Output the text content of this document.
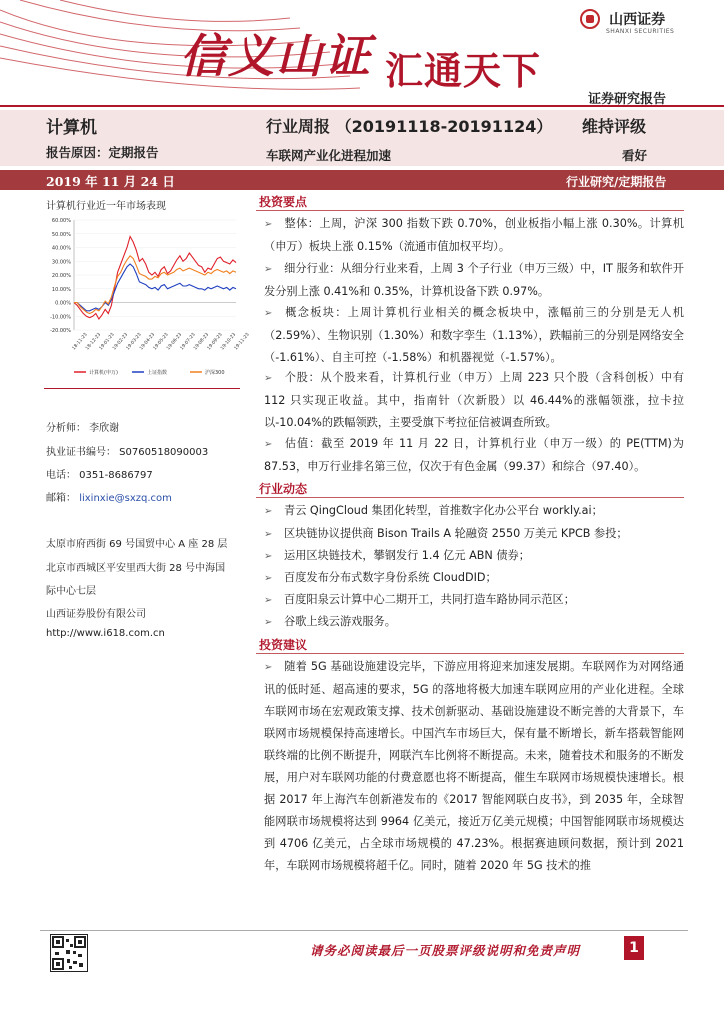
山西证券
SHANXI SECURITIES
信义山证 汇通天下
证券研究报告
计算机
报告原因：定期报告
行业周报 （20191118-20191124） 维持评级
车联网产业化进程加速	看好
2019 年 11 月 24 日	行业研究/定期报告
计算机行业近一年市场表现
60.00%
50.00%
40.00%
30.00%
20.00%
10.00%
0.00%
-10.00%
-20.00%
18-11-23
18-12-23
19-01-23
19-02-23
19-03-23
19-04-23
19-05-23
19-06-23
19-07-23
19-08-23
19-09-23
19-10-23
19-11-23
计算机(申万)	上证指数	沪深300
分析师： 李欣谢
执业证书编号： S0760518090003
电话： 0351-8686797
邮箱： lixinxie@sxzq.com
太原市府西街 69 号国贸中心 A 座 28 层
北京市西城区平安里西大街 28 号中海国
际中心七层
山西证券股份有限公司
http://www.i618.com.cn
投资要点
➢ 整体：上周，沪深 300 指数下跌 0.70%，创业板指小幅上涨 0.30%。计算机（申万）板块上涨 0.15%（流通市值加权平均）。
➢ 细分行业：从细分行业来看，上周 3 个子行业（申万三级）中，IT 服务和软件开发分别上涨 0.41%和 0.35%，计算机设备下跌 0.97%。
➢ 概念板块：上周计算机行业相关的概念板块中，涨幅前三的分别是无人机（2.59%）、生物识别（1.30%）和数字孪生（1.13%），跌幅前三的分别是网络安全（-1.61%）、自主可控（-1.58%）和机器视觉（-1.57%）。
➢ 个股：从个股来看，计算机行业（申万）上周 223 只个股（含科创板）中有 112 只实现正收益。其中，指南针（次新股）以 46.44%的涨幅领涨，拉卡拉以-10.04%的跌幅领跌，主要受旗下考拉征信被调查所致。
➢ 估值：截至 2019 年 11 月 22 日，计算机行业（申万一级）的 PE(TTM)为 87.53，申万行业排名第三位，仅次于有色金属（99.37）和综合（97.40）。
行业动态
➢ 青云 QingCloud 集团化转型，首推数字化办公平台 workly.ai；
➢ 区块链协议提供商 Bison Trails A 轮融资 2550 万美元 KPCB 参投；
➢ 运用区块链技术，攀钢发行 1.4 亿元 ABN 债券；
➢ 百度发布分布式数字身份系统 CloudDID；
➢ 百度阳泉云计算中心二期开工，共同打造车路协同示范区；
➢ 谷歌上线云游戏服务。
投资建议
➢ 随着 5G 基础设施建设完毕，下游应用将迎来加速发展期。车联网作为对网络通讯的低时延、超高速的要求，5G 的落地将极大加速车联网应用的产业化进程。全球车联网市场在宏观政策支撑、技术创新驱动、基础设施建设不断完善的大背景下，车联网市场规模保持高速增长。中国汽车市场巨大，保有量不断增长，新车搭载智能网联终端的比例不断提升，网联汽车比例将不断提高。未来，随着技术和服务的不断发展，用户对车联网功能的付费意愿也将不断提高，催生车联网市场规模快速增长。根据 2017 年上海汽车创新港发布的《2017 智能网联白皮书》，到 2035 年，全球智能网联市场规模将达到 9964 亿美元，接近万亿美元规模；中国智能网联市场规模达到 4706 亿美元，占全球市场规模的 47.23%。根据赛迪顾问数据，预计到 2021 年，车联网市场规模将超千亿。同时，随着 2020 年 5G 技术的推
请务必阅读最后一页股票评级说明和免责声明	1
